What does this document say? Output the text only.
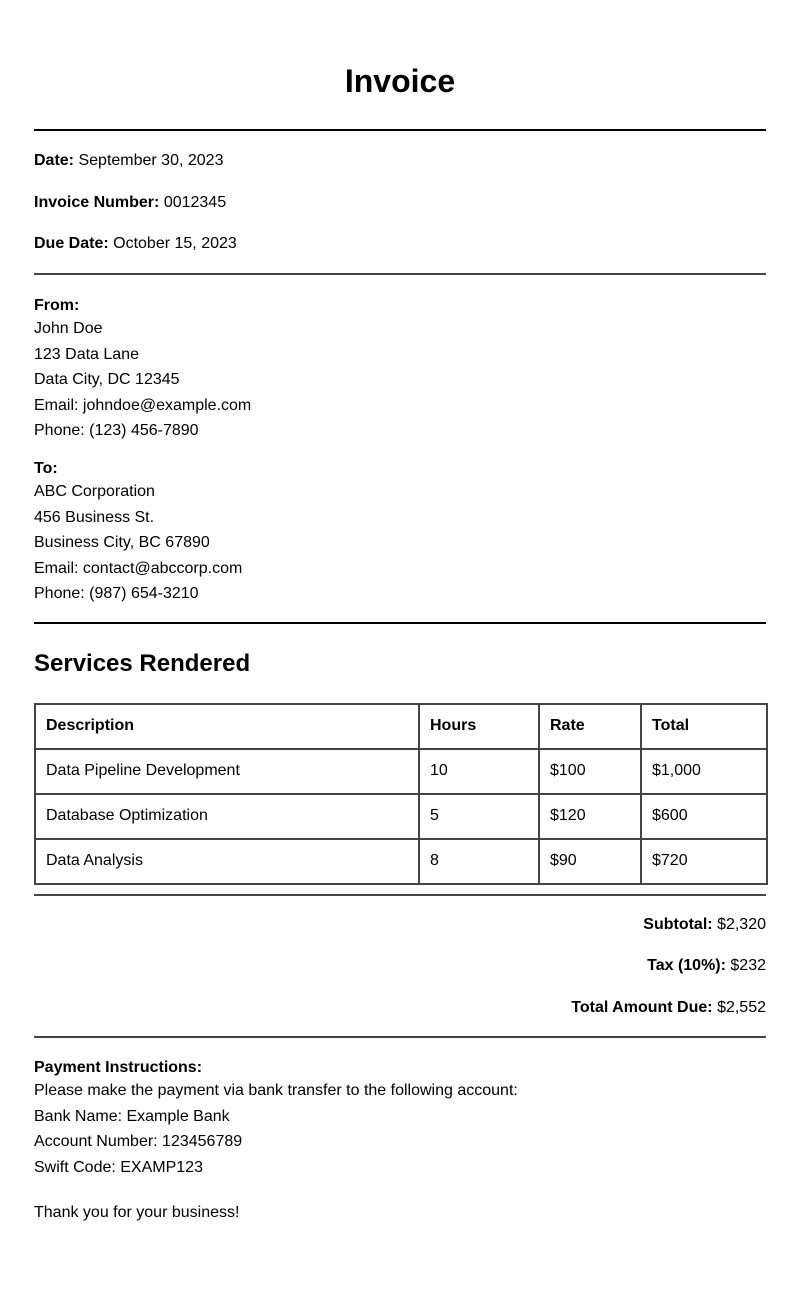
Invoice

Date: September 30, 2023

Invoice Number: 0012345

Due Date: October 15, 2023

From:

John Doe

123 Data Lane

Data City, DC 12345

Email: johndoe@example.com

Phone: (123) 456-7890

To:

ABC Corporation

456 Business St.

Business City, BC 67890

Email: contact@abccorp.com

Phone: (987) 654-3210

Services Rendered
Description	Hours	Rate	Total
Data Pipeline Development	10	$100	$1,000
Database Optimization	5	$120	$600
Data Analysis	8	$90	$720

Subtotal: $2,320

Tax (10%): $232

Total Amount Due: $2,552

Payment Instructions:

Please make the payment via bank transfer to the following account:

Bank Name: Example Bank

Account Number: 123456789

Swift Code: EXAMP123

Thank you for your business!
